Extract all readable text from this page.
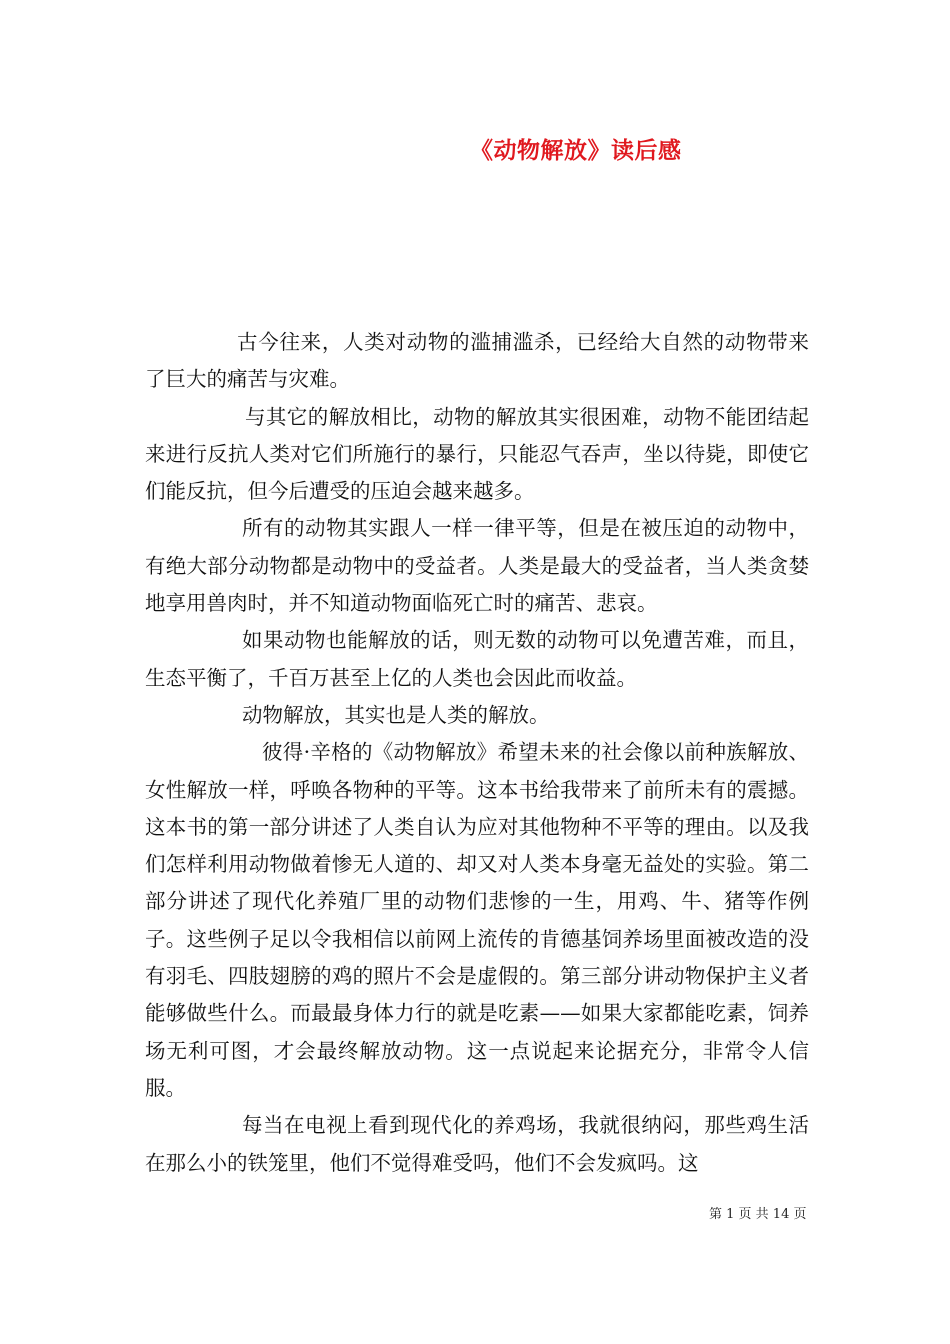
《动物解放》读后感

古今往来，人类对动物的滥捕滥杀，已经给大自然的动物带来了巨大的痛苦与灾难。

与其它的解放相比，动物的解放其实很困难，动物不能团结起来进行反抗人类对它们所施行的暴行，只能忍气吞声，坐以待毙，即使它们能反抗，但今后遭受的压迫会越来越多。

所有的动物其实跟人一样一律平等，但是在被压迫的动物中，有绝大部分动物都是动物中的受益者。人类是最大的受益者，当人类贪婪地享用兽肉时，并不知道动物面临死亡时的痛苦、悲哀。

如果动物也能解放的话，则无数的动物可以免遭苦难，而且，生态平衡了，千百万甚至上亿的人类也会因此而收益。

动物解放，其实也是人类的解放。

彼得·辛格的《动物解放》希望未来的社会像以前种族解放、女性解放一样，呼唤各物种的平等。这本书给我带来了前所未有的震撼。这本书的第一部分讲述了人类自认为应对其他物种不平等的理由。以及我们怎样利用动物做着惨无人道的、却又对人类本身毫无益处的实验。第二部分讲述了现代化养殖厂里的动物们悲惨的一生，用鸡、牛、猪等作例子。这些例子足以令我相信以前网上流传的肯德基饲养场里面被改造的没有羽毛、四肢翅膀的鸡的照片不会是虚假的。第三部分讲动物保护主义者能够做些什么。而最最身体力行的就是吃素——如果大家都能吃素，饲养场无利可图，才会最终解放动物。这一点说起来论据充分，非常令人信服。

每当在电视上看到现代化的养鸡场，我就很纳闷，那些鸡生活在那么小的铁笼里，他们不觉得难受吗，他们不会发疯吗。这

第 1 页 共 14 页
